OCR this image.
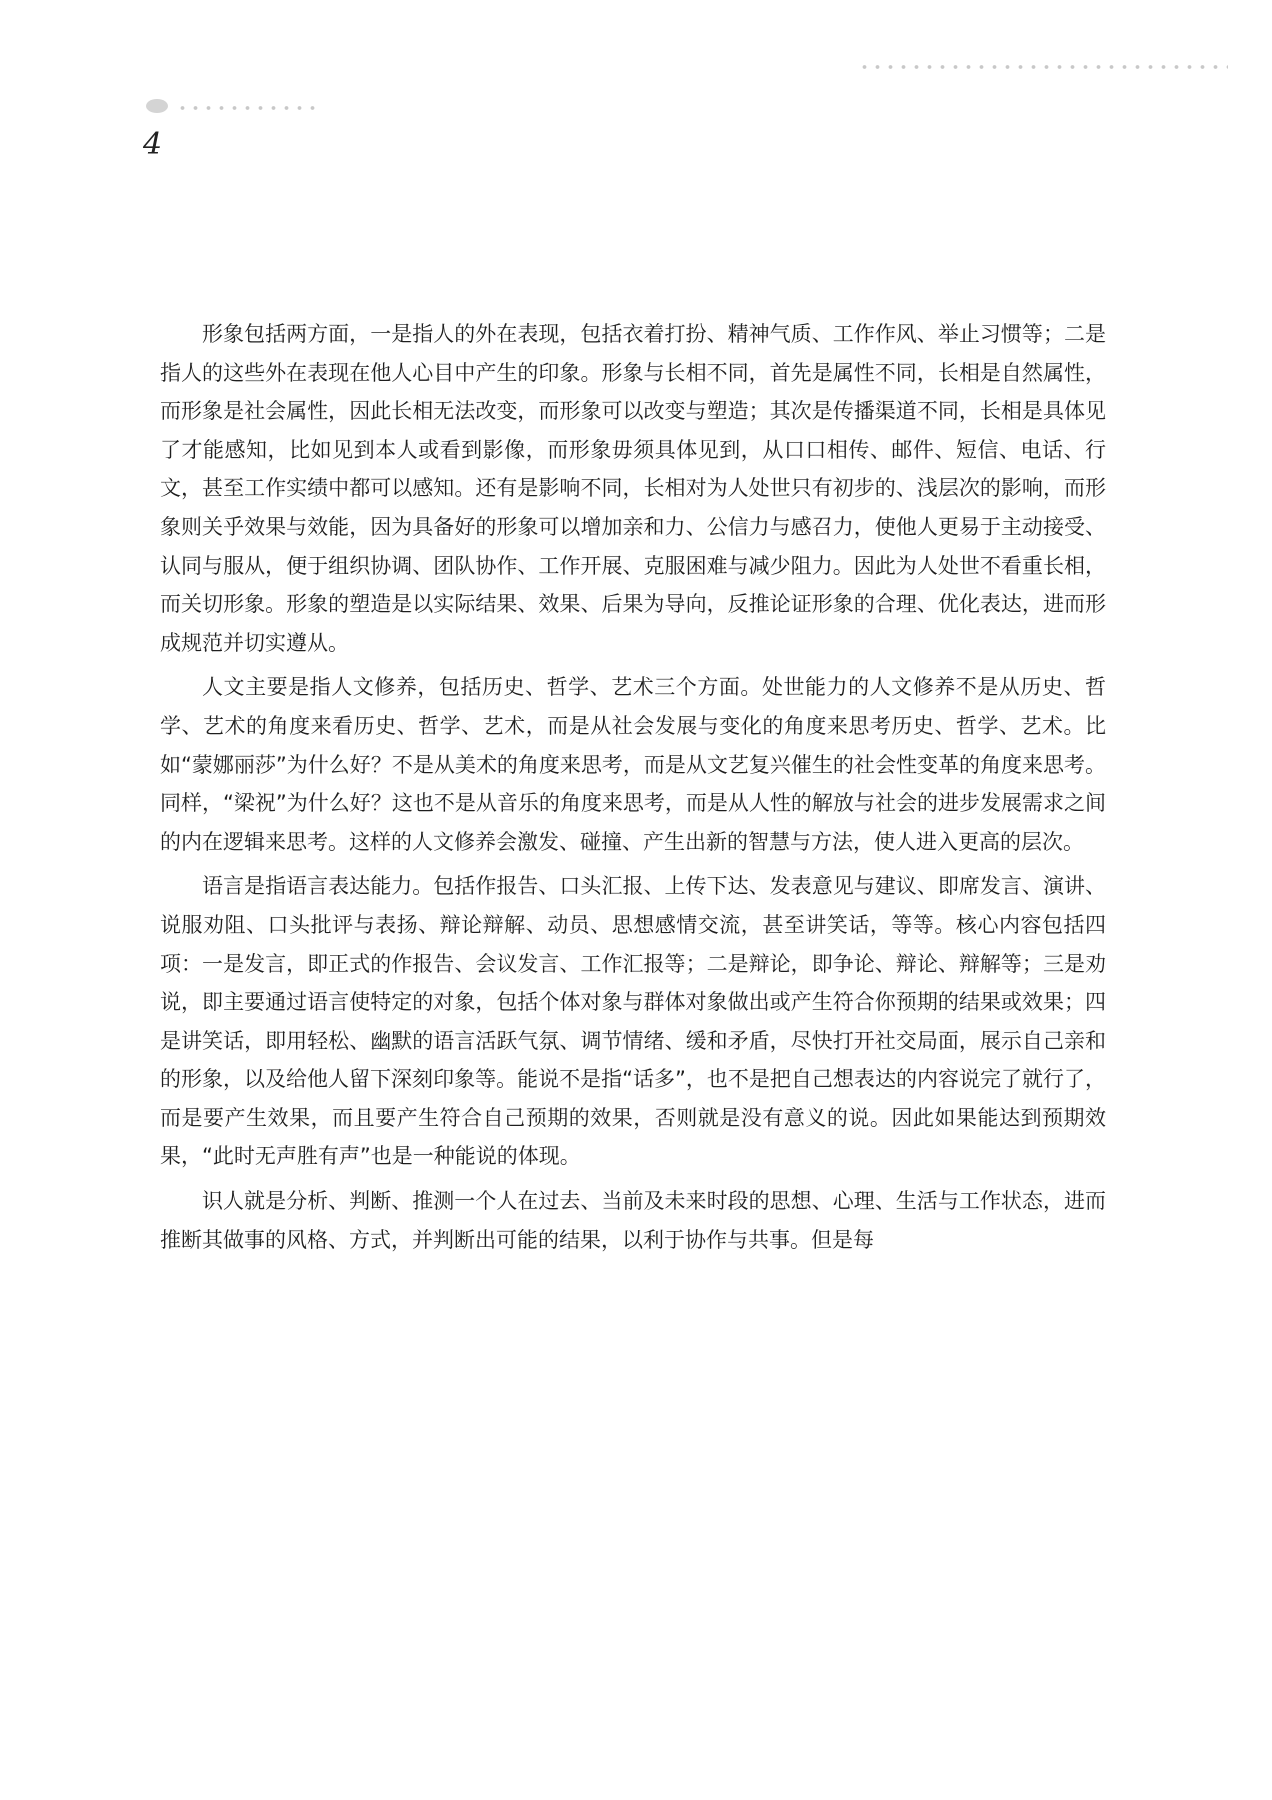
4

形象包括两方面，一是指人的外在表现，包括衣着打扮、精神气质、工作作风、举止习惯等；二是指人的这些外在表现在他人心目中产生的印象。形象与长相不同，首先是属性不同，长相是自然属性，而形象是社会属性，因此长相无法改变，而形象可以改变与塑造；其次是传播渠道不同，长相是具体见了才能感知，比如见到本人或看到影像，而形象毋须具体见到，从口口相传、邮件、短信、电话、行文，甚至工作实绩中都可以感知。还有是影响不同，长相对为人处世只有初步的、浅层次的影响，而形象则关乎效果与效能，因为具备好的形象可以增加亲和力、公信力与感召力，使他人更易于主动接受、认同与服从，便于组织协调、团队协作、工作开展、克服困难与减少阻力。因此为人处世不看重长相，而关切形象。形象的塑造是以实际结果、效果、后果为导向，反推论证形象的合理、优化表达，进而形成规范并切实遵从。

人文主要是指人文修养，包括历史、哲学、艺术三个方面。处世能力的人文修养不是从历史、哲学、艺术的角度来看历史、哲学、艺术，而是从社会发展与变化的角度来思考历史、哲学、艺术。比如“蒙娜丽莎”为什么好？不是从美术的角度来思考，而是从文艺复兴催生的社会性变革的角度来思考。同样，“梁祝”为什么好？这也不是从音乐的角度来思考，而是从人性的解放与社会的进步发展需求之间的内在逻辑来思考。这样的人文修养会激发、碰撞、产生出新的智慧与方法，使人进入更高的层次。

语言是指语言表达能力。包括作报告、口头汇报、上传下达、发表意见与建议、即席发言、演讲、说服劝阻、口头批评与表扬、辩论辩解、动员、思想感情交流，甚至讲笑话，等等。核心内容包括四项：一是发言，即正式的作报告、会议发言、工作汇报等；二是辩论，即争论、辩论、辩解等；三是劝说，即主要通过语言使特定的对象，包括个体对象与群体对象做出或产生符合你预期的结果或效果；四是讲笑话，即用轻松、幽默的语言活跃气氛、调节情绪、缓和矛盾，尽快打开社交局面，展示自己亲和的形象，以及给他人留下深刻印象等。能说不是指“话多”，也不是把自己想表达的内容说完了就行了，而是要产生效果，而且要产生符合自己预期的效果，否则就是没有意义的说。因此如果能达到预期效果，“此时无声胜有声”也是一种能说的体现。

识人就是分析、判断、推测一个人在过去、当前及未来时段的思想、心理、生活与工作状态，进而推断其做事的风格、方式，并判断出可能的结果，以利于协作与共事。但是每
